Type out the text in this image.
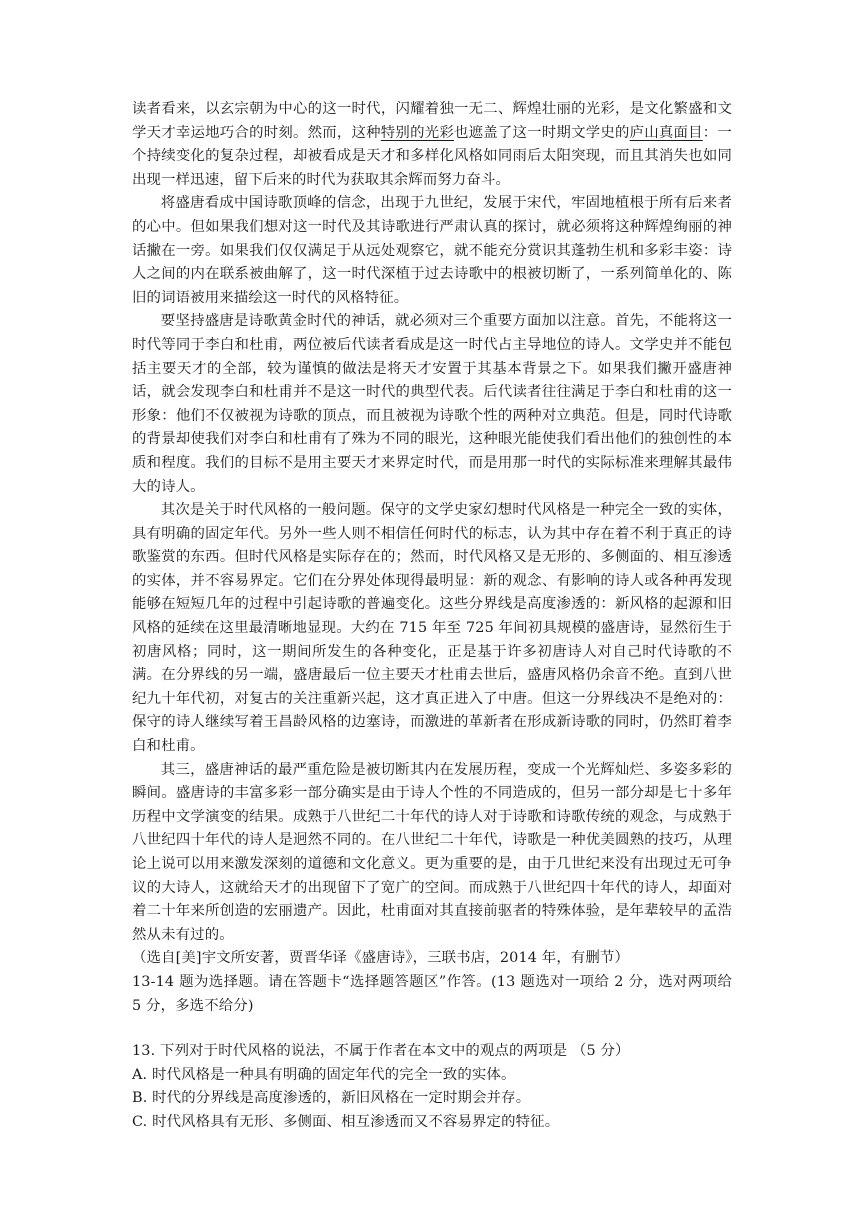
读者看来，以玄宗朝为中心的这一时代，闪耀着独一无二、辉煌壮丽的光彩，是文化繁盛和文学天才幸运地巧合的时刻。然而，这种特别的光彩也遮盖了这一时期文学史的庐山真面目：一个持续变化的复杂过程，却被看成是天才和多样化风格如同雨后太阳突现，而且其消失也如同出现一样迅速，留下后来的时代为获取其余辉而努力奋斗。

将盛唐看成中国诗歌顶峰的信念，出现于九世纪，发展于宋代，牢固地植根于所有后来者的心中。但如果我们想对这一时代及其诗歌进行严肃认真的探讨，就必须将这种辉煌绚丽的神话撇在一旁。如果我们仅仅满足于从远处观察它，就不能充分赏识其蓬勃生机和多彩丰姿：诗人之间的内在联系被曲解了，这一时代深植于过去诗歌中的根被切断了，一系列简单化的、陈旧的词语被用来描绘这一时代的风格特征。

要坚持盛唐是诗歌黄金时代的神话，就必须对三个重要方面加以注意。首先，不能将这一时代等同于李白和杜甫，两位被后代读者看成是这一时代占主导地位的诗人。文学史并不能包括主要天才的全部，较为谨慎的做法是将天才安置于其基本背景之下。如果我们撇开盛唐神话，就会发现李白和杜甫并不是这一时代的典型代表。后代读者往往满足于李白和杜甫的这一形象：他们不仅被视为诗歌的顶点，而且被视为诗歌个性的两种对立典范。但是，同时代诗歌的背景却使我们对李白和杜甫有了殊为不同的眼光，这种眼光能使我们看出他们的独创性的本质和程度。我们的目标不是用主要天才来界定时代，而是用那一时代的实际标准来理解其最伟大的诗人。

其次是关于时代风格的一般问题。保守的文学史家幻想时代风格是一种完全一致的实体，具有明确的固定年代。另外一些人则不相信任何时代的标志，认为其中存在着不利于真正的诗歌鉴赏的东西。但时代风格是实际存在的；然而，时代风格又是无形的、多侧面的、相互渗透的实体，并不容易界定。它们在分界处体现得最明显：新的观念、有影响的诗人或各种再发现能够在短短几年的过程中引起诗歌的普遍变化。这些分界线是高度渗透的：新风格的起源和旧风格的延续在这里最清晰地显现。大约在 715 年至 725 年间初具规模的盛唐诗，显然衍生于初唐风格；同时，这一期间所发生的各种变化，正是基于许多初唐诗人对自己时代诗歌的不满。在分界线的另一端，盛唐最后一位主要天才杜甫去世后，盛唐风格仍余音不绝。直到八世纪九十年代初，对复古的关注重新兴起，这才真正进入了中唐。但这一分界线决不是绝对的：保守的诗人继续写着王昌龄风格的边塞诗，而激进的革新者在形成新诗歌的同时，仍然盯着李白和杜甫。

其三，盛唐神话的最严重危险是被切断其内在发展历程，变成一个光辉灿烂、多姿多彩的瞬间。盛唐诗的丰富多彩一部分确实是由于诗人个性的不同造成的，但另一部分却是七十多年历程中文学演变的结果。成熟于八世纪二十年代的诗人对于诗歌和诗歌传统的观念，与成熟于八世纪四十年代的诗人是迥然不同的。在八世纪二十年代，诗歌是一种优美圆熟的技巧，从理论上说可以用来激发深刻的道德和文化意义。更为重要的是，由于几世纪来没有出现过无可争议的大诗人，这就给天才的出现留下了宽广的空间。而成熟于八世纪四十年代的诗人，却面对着二十年来所创造的宏丽遗产。因此，杜甫面对其直接前驱者的特殊体验，是年辈较早的孟浩然从未有过的。

（选自[美]宇文所安著，贾晋华译《盛唐诗》，三联书店，2014 年，有删节）

13-14 题为选择题。请在答题卡“选择题答题区”作答。(13 题选对一项给 2 分，选对两项给 5 分，多选不给分)

13. 下列对于时代风格的说法，不属于作者在本文中的观点的两项是 （5 分）

A. 时代风格是一种具有明确的固定年代的完全一致的实体。

B. 时代的分界线是高度渗透的，新旧风格在一定时期会并存。

C. 时代风格具有无形、多侧面、相互渗透而又不容易界定的特征。
